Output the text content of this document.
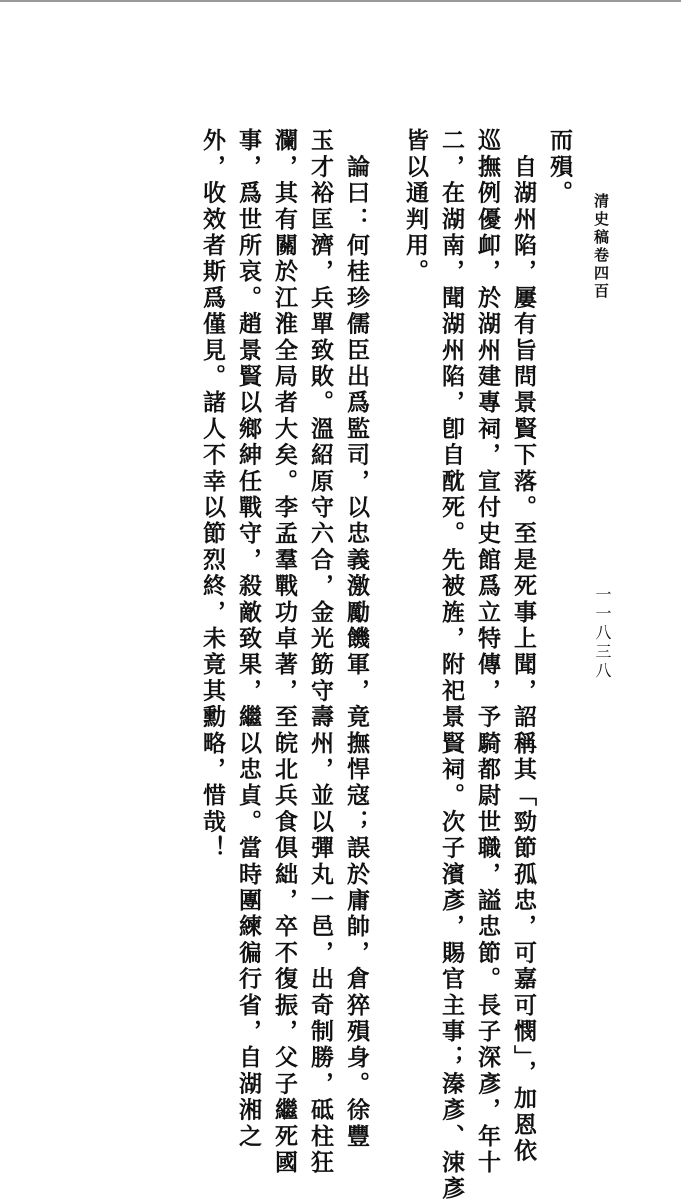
清史稿卷四百
一一八三八
而殞。
　自湖州陷，屢有旨問景賢下落。至是死事上聞，詔稱其「勁節孤忠，可嘉可憫」，加恩依
巡撫例優卹，於湖州建專祠，宣付史館爲立特傳，予騎都尉世職，謚忠節。長子深彥，年十
二，在湖南，聞湖州陷，卽自酖死。先被旌，附祀景賢祠。次子濱彥，賜官主事；溱彥、涑彥
皆以通判用。
　論曰：何桂珍儒臣出爲監司，以忠義激勵饑軍，竟撫悍寇；誤於庸帥，倉猝殞身。徐豐
玉才裕匡濟，兵單致敗。溫紹原守六合，金光筯守壽州，並以彈丸一邑，出奇制勝，砥柱狂
瀾，其有關於江淮全局者大矣。李孟羣戰功卓著，至皖北兵食俱絀，卒不復振，父子繼死國
事，爲世所哀。趙景賢以鄉紳任戰守，殺敵致果，繼以忠貞。當時團練徧行省，自湖湘之
外，收效者斯爲僅見。諸人不幸以節烈終，未竟其勳略，惜哉！
